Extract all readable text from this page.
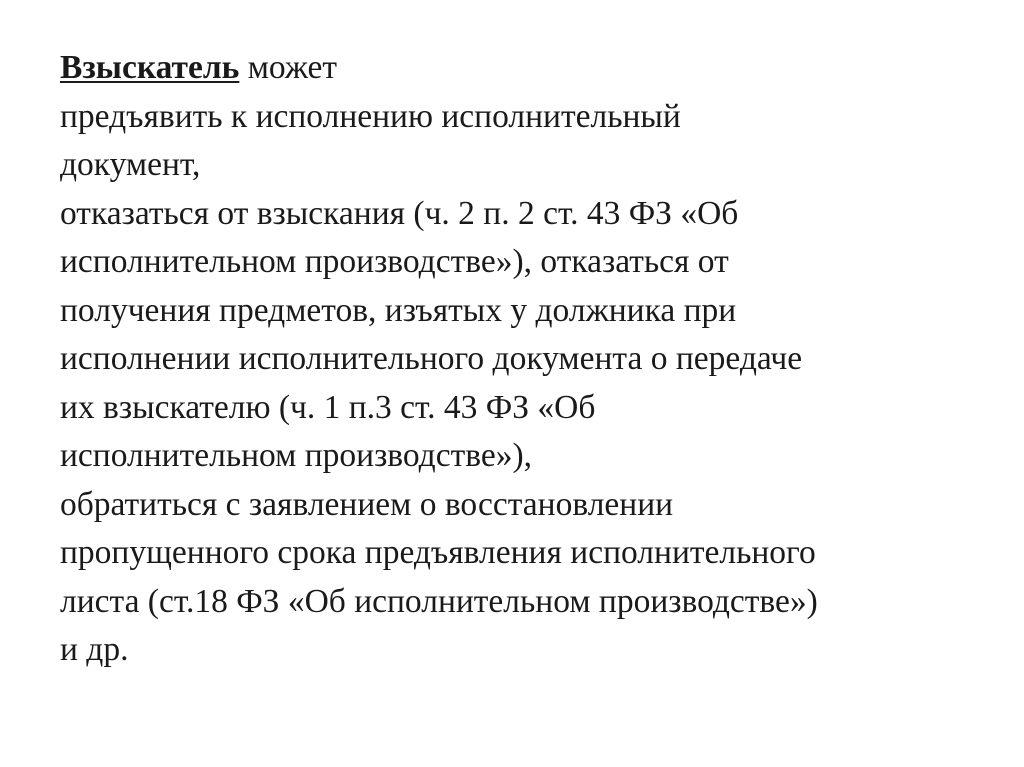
Взыскатель может
предъявить к исполнению исполнительный
документ,
отказаться от взыскания (ч. 2 п. 2 ст. 43 ФЗ «Об
исполнительном производстве»), отказаться от
получения предметов, изъятых у должника при
исполнении исполнительного документа о передаче
их взыскателю (ч. 1 п.3 ст. 43 ФЗ «Об
исполнительном производстве»),
обратиться с заявлением о восстановлении
пропущенного срока предъявления исполнительного
листа (ст.18 ФЗ «Об исполнительном производстве»)
и др.
